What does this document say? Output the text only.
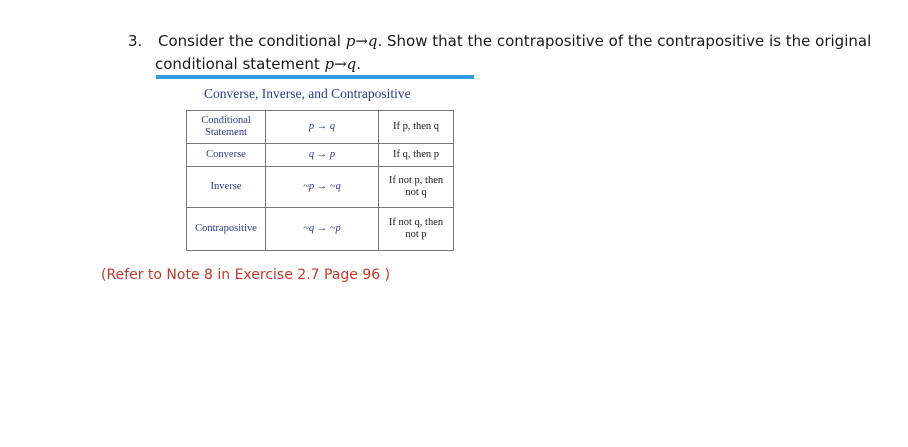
3. Consider the conditional p→q. Show that the contrapositive of the contrapositive is the original
conditional statement p→q.
Converse, Inverse, and Contrapositive
Conditional Statement	p → q	If p, then q
Converse	q → p	If q, then p
Inverse	~p → ~q	If not p, then not q
Contrapositive	~q → ~p	If not q, then not p
(Refer to Note 8 in Exercise 2.7 Page 96 )
